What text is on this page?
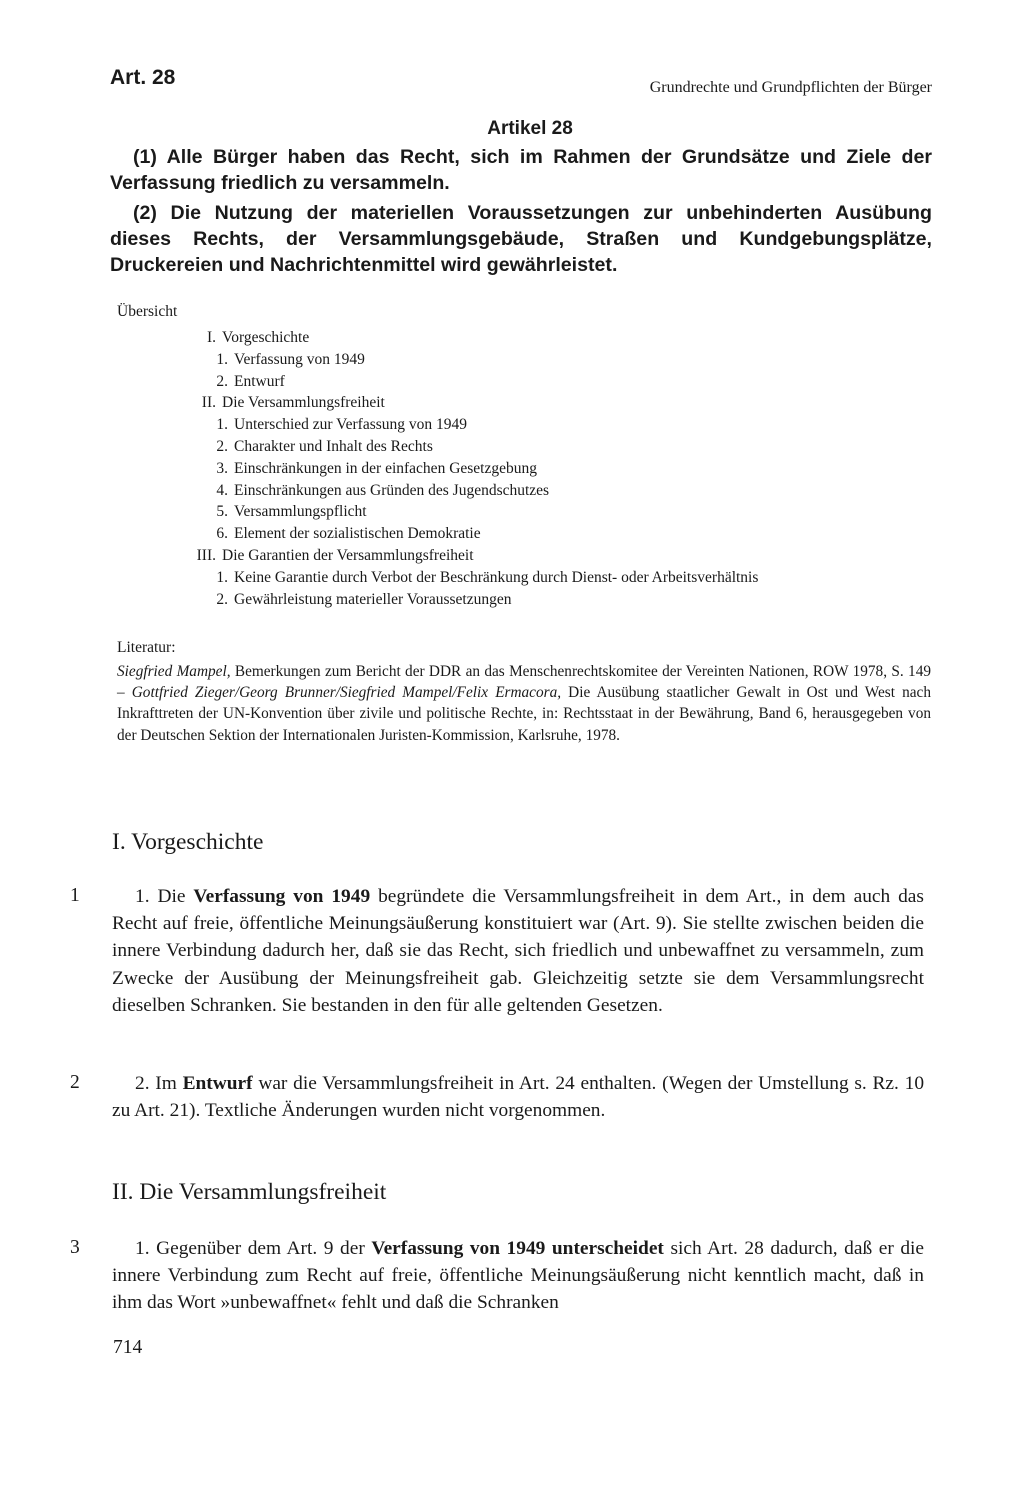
Art. 28	Grundrechte und Grundpflichten der Bürger
Artikel 28

(1) Alle Bürger haben das Recht, sich im Rahmen der Grundsätze und Ziele der Verfassung friedlich zu versammeln.

(2) Die Nutzung der materiellen Voraussetzungen zur unbehinderten Ausübung dieses Rechts, der Versammlungsgebäude, Straßen und Kundgebungsplätze, Druckereien und Nachrichtenmittel wird gewährleistet.

Übersicht
I. Vorgeschichte
1. Verfassung von 1949
2. Entwurf
II. Die Versammlungsfreiheit
1. Unterschied zur Verfassung von 1949
2. Charakter und Inhalt des Rechts
3. Einschränkungen in der einfachen Gesetzgebung
4. Einschränkungen aus Gründen des Jugendschutzes
5. Versammlungspflicht
6. Element der sozialistischen Demokratie
III. Die Garantien der Versammlungsfreiheit
1. Keine Garantie durch Verbot der Beschränkung durch Dienst- oder Arbeitsverhältnis
2. Gewährleistung materieller Voraussetzungen
Literatur:
Siegfried Mampel, Bemerkungen zum Bericht der DDR an das Menschenrechtskomitee der Vereinten Nationen, ROW 1978, S. 149 – Gottfried Zieger/Georg Brunner/Siegfried Mampel/Felix Ermacora, Die Ausübung staatlicher Gewalt in Ost und West nach Inkrafttreten der UN-Konvention über zivile und politische Rechte, in: Rechtsstaat in der Bewährung, Band 6, herausgegeben von der Deutschen Sektion der Internationalen Juristen-Kommission, Karlsruhe, 1978.
I. Vorgeschichte
1	1. Die Verfassung von 1949 begründete die Versammlungsfreiheit in dem Art., in dem auch das Recht auf freie, öffentliche Meinungsäußerung konstituiert war (Art. 9). Sie stellte zwischen beiden die innere Verbindung dadurch her, daß sie das Recht, sich friedlich und unbewaffnet zu versammeln, zum Zwecke der Ausübung der Meinungsfreiheit gab. Gleichzeitig setzte sie dem Versammlungsrecht dieselben Schranken. Sie bestanden in den für alle geltenden Gesetzen.
2	2. Im Entwurf war die Versammlungsfreiheit in Art. 24 enthalten. (Wegen der Umstellung s. Rz. 10 zu Art. 21). Textliche Änderungen wurden nicht vorgenommen.
II. Die Versammlungsfreiheit
3	1. Gegenüber dem Art. 9 der Verfassung von 1949 unterscheidet sich Art. 28 dadurch, daß er die innere Verbindung zum Recht auf freie, öffentliche Meinungsäußerung nicht kenntlich macht, daß in ihm das Wort »unbewaffnet« fehlt und daß die Schranken
714
